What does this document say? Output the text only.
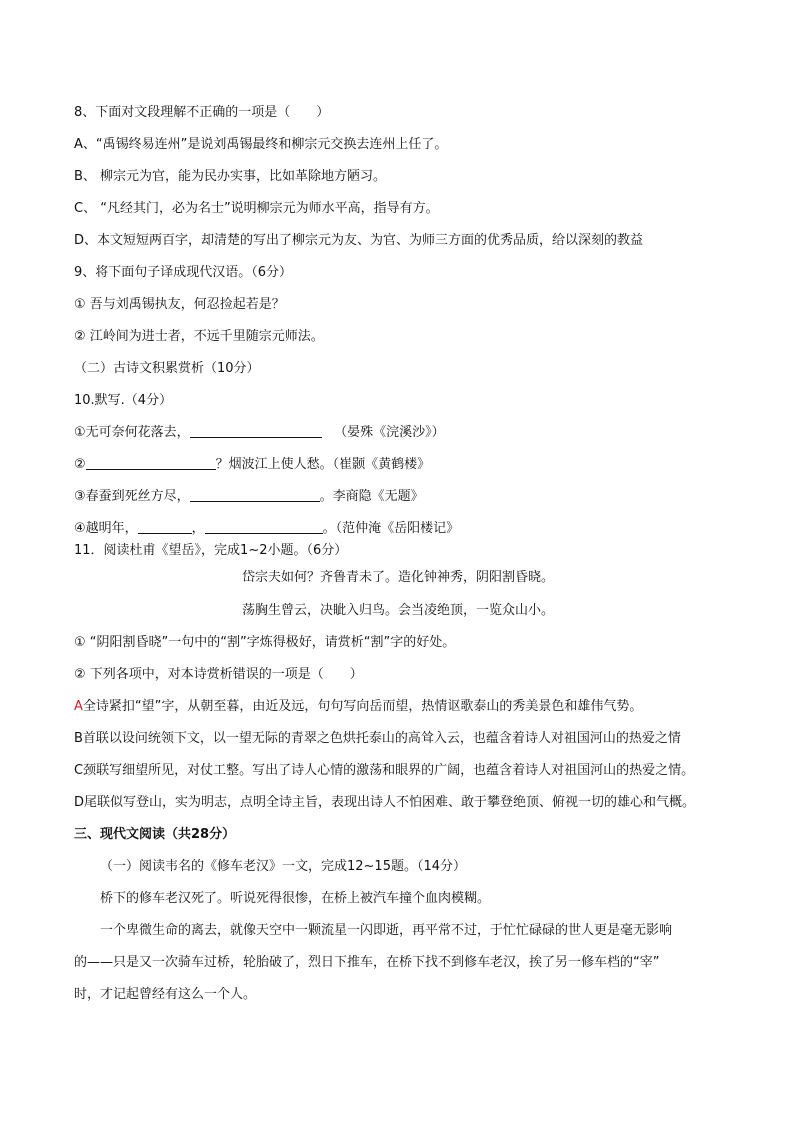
8、下面对文段理解不正确的一项是（　　）
A、“禹锡终易连州”是说刘禹锡最终和柳宗元交换去连州上任了。
B、 柳宗元为官，能为民办实事，比如革除地方陋习。
C、 “凡经其门，必为名士”说明柳宗元为师水平高，指导有方。
D、本文短短两百字，却清楚的写出了柳宗元为友、为官、为师三方面的优秀品质，给以深刻的教益
9、将下面句子译成现代汉语。（6分）
① 吾与刘禹锡执友，何忍捡起若是？
② 江岭间为进士者，不远千里随宗元师法。
（二）古诗文积累赏析（10分）
10.默写.（4分）
①无可奈何花落去，	（晏殊《浣溪沙》）
②	？烟波江上使人愁。（崔颢《黄鹤楼》
③春蚕到死丝方尽，	。李商隐《无题》
④越明年，	，	。（范仲淹《岳阳楼记》
11．阅读杜甫《望岳》，完成1~2小题。（6分）
岱宗夫如何？齐鲁青未了。造化钟神秀，阴阳割昏晓。
荡胸生曾云，决眦入归鸟。会当凌绝顶，一览众山小。
① “阴阳割昏晓”一句中的“割”字炼得极好，请赏析“割”字的好处。
② 下列各项中，对本诗赏析错误的一项是（　　）
A全诗紧扣“望”字，从朝至暮，由近及远，句句写向岳而望，热情讴歌泰山的秀美景色和雄伟气势。
B首联以设问统领下文，以一望无际的青翠之色烘托泰山的高耸入云，也蕴含着诗人对祖国河山的热爱之情
C颈联写细望所见，对仗工整。写出了诗人心情的激荡和眼界的广阔，也蕴含着诗人对祖国河山的热爱之情。
D尾联似写登山，实为明志，点明全诗主旨，表现出诗人不怕困难、敢于攀登绝顶、俯视一切的雄心和气概。
三、现代文阅读（共28分）
（一）阅读韦名的《修车老汉》一文，完成12~15题。（14分）
桥下的修车老汉死了。听说死得很惨，在桥上被汽车撞个血肉模糊。
一个卑微生命的离去，就像天空中一颗流星一闪即逝，再平常不过，于忙忙碌碌的世人更是毫无影响
的——只是又一次骑车过桥，轮胎破了，烈日下推车，在桥下找不到修车老汉，挨了另一修车档的“宰”
时，才记起曾经有这么一个人。
